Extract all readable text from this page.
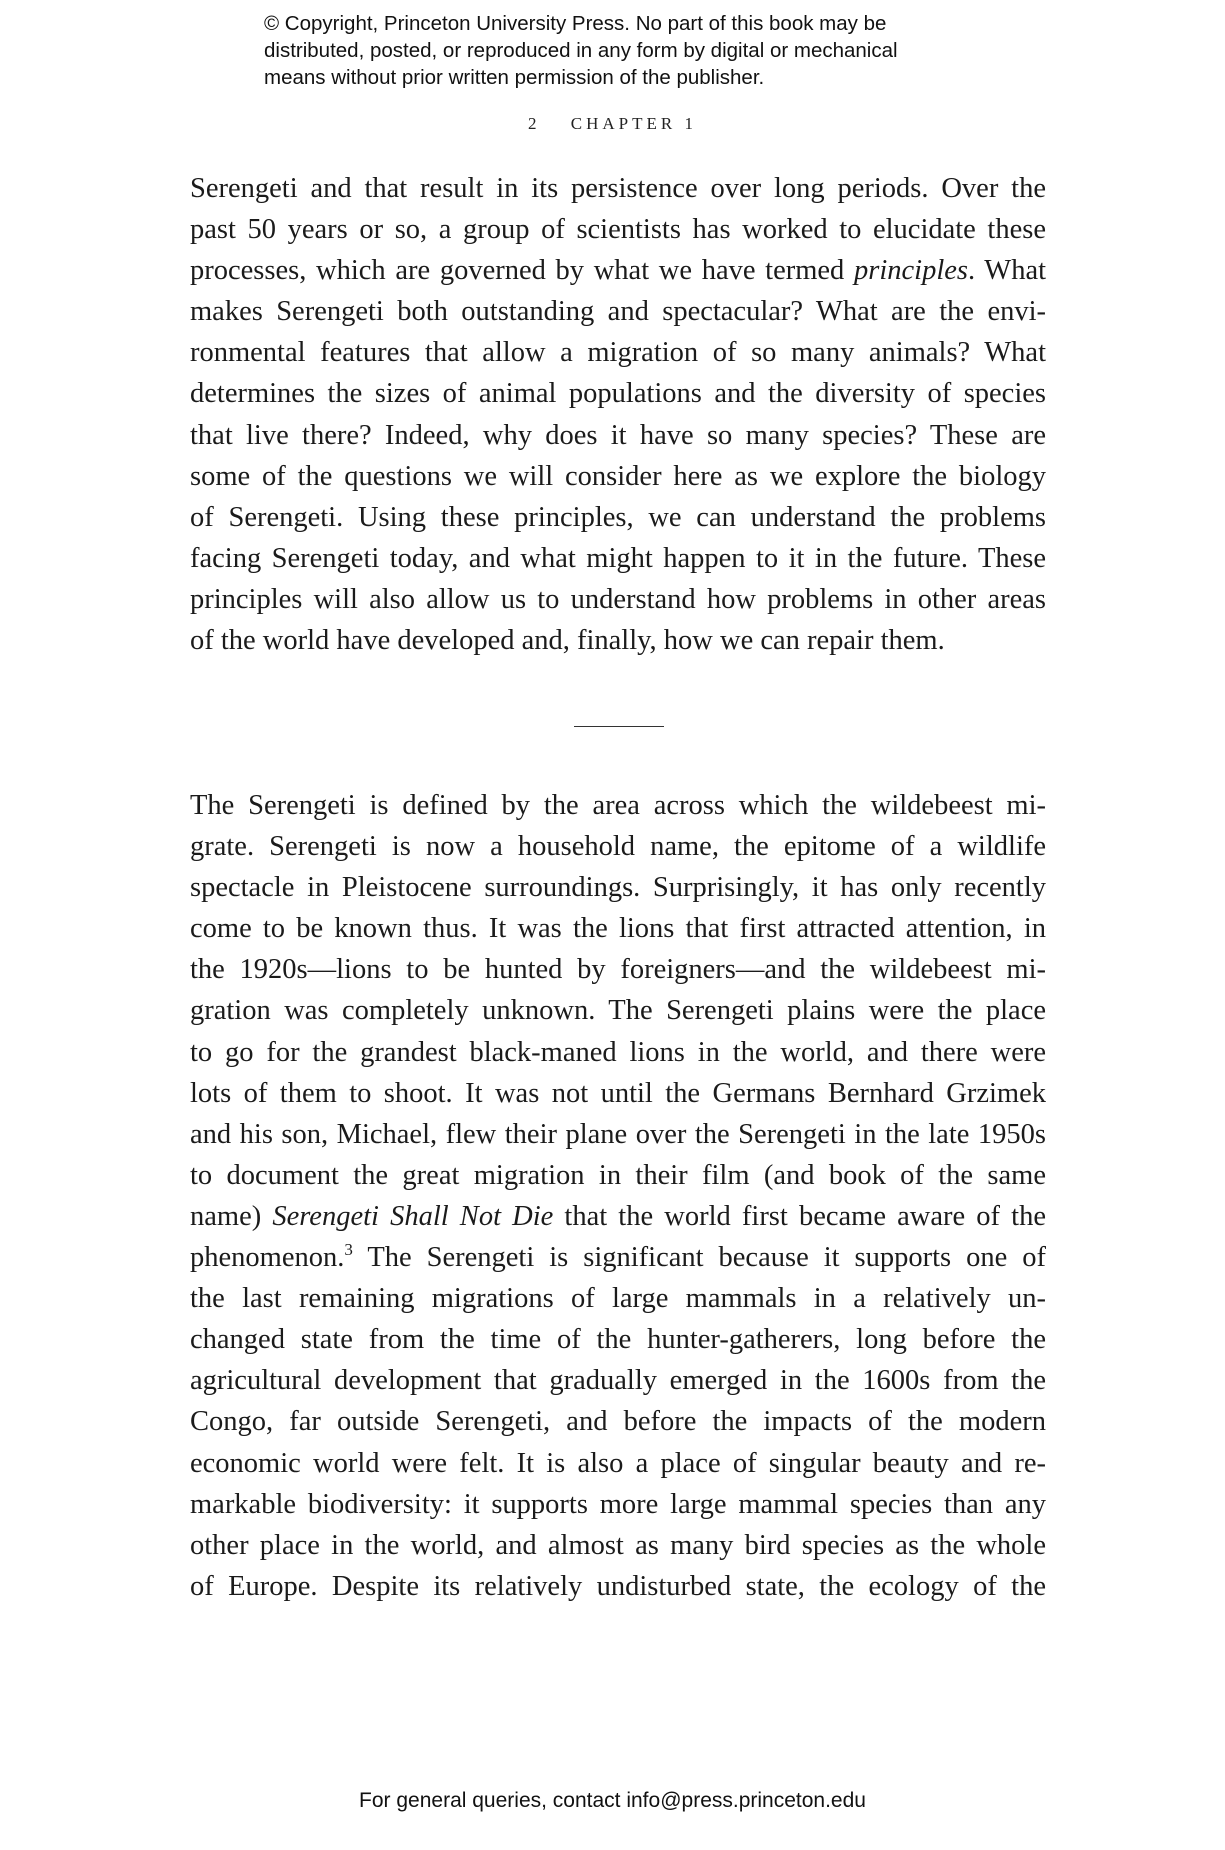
© Copyright, Princeton University Press. No part of this book may be
distributed, posted, or reproduced in any form by digital or mechanical
means without prior written permission of the publisher.
2 CHAPTER 1
Serengeti and that result in its persistence over long periods. Over the
past 50 years or so, a group of scientists has worked to elucidate these
processes, which are governed by what we have termed principles. What
makes Serengeti both outstanding and spectacular? What are the envi-
ronmental features that allow a migration of so many animals? What
determines the sizes of animal populations and the diversity of species
that live there? Indeed, why does it have so many species? These are
some of the questions we will consider here as we explore the biology
of Serengeti. Using these principles, we can understand the problems
facing Serengeti today, and what might happen to it in the future. These
principles will also allow us to understand how problems in other areas
of the world have developed and, finally, how we can repair them.
The Serengeti is defined by the area across which the wildebeest mi-
grate. Serengeti is now a household name, the epitome of a wildlife
spectacle in Pleistocene surroundings. Surprisingly, it has only recently
come to be known thus. It was the lions that first attracted attention, in
the 1920s—lions to be hunted by foreigners—and the wildebeest mi-
gration was completely unknown. The Serengeti plains were the place
to go for the grandest black-maned lions in the world, and there were
lots of them to shoot. It was not until the Germans Bernhard Grzimek
and his son, Michael, flew their plane over the Serengeti in the late 1950s
to document the great migration in their film (and book of the same
name) Serengeti Shall Not Die that the world first became aware of the
phenomenon.$^3$ The Serengeti is significant because it supports one of
the last remaining migrations of large mammals in a relatively un-
changed state from the time of the hunter-gatherers, long before the
agricultural development that gradually emerged in the 1600s from the
Congo, far outside Serengeti, and before the impacts of the modern
economic world were felt. It is also a place of singular beauty and re-
markable biodiversity: it supports more large mammal species than any
other place in the world, and almost as many bird species as the whole
of Europe. Despite its relatively undisturbed state, the ecology of the
For general queries, contact info@press.princeton.edu
